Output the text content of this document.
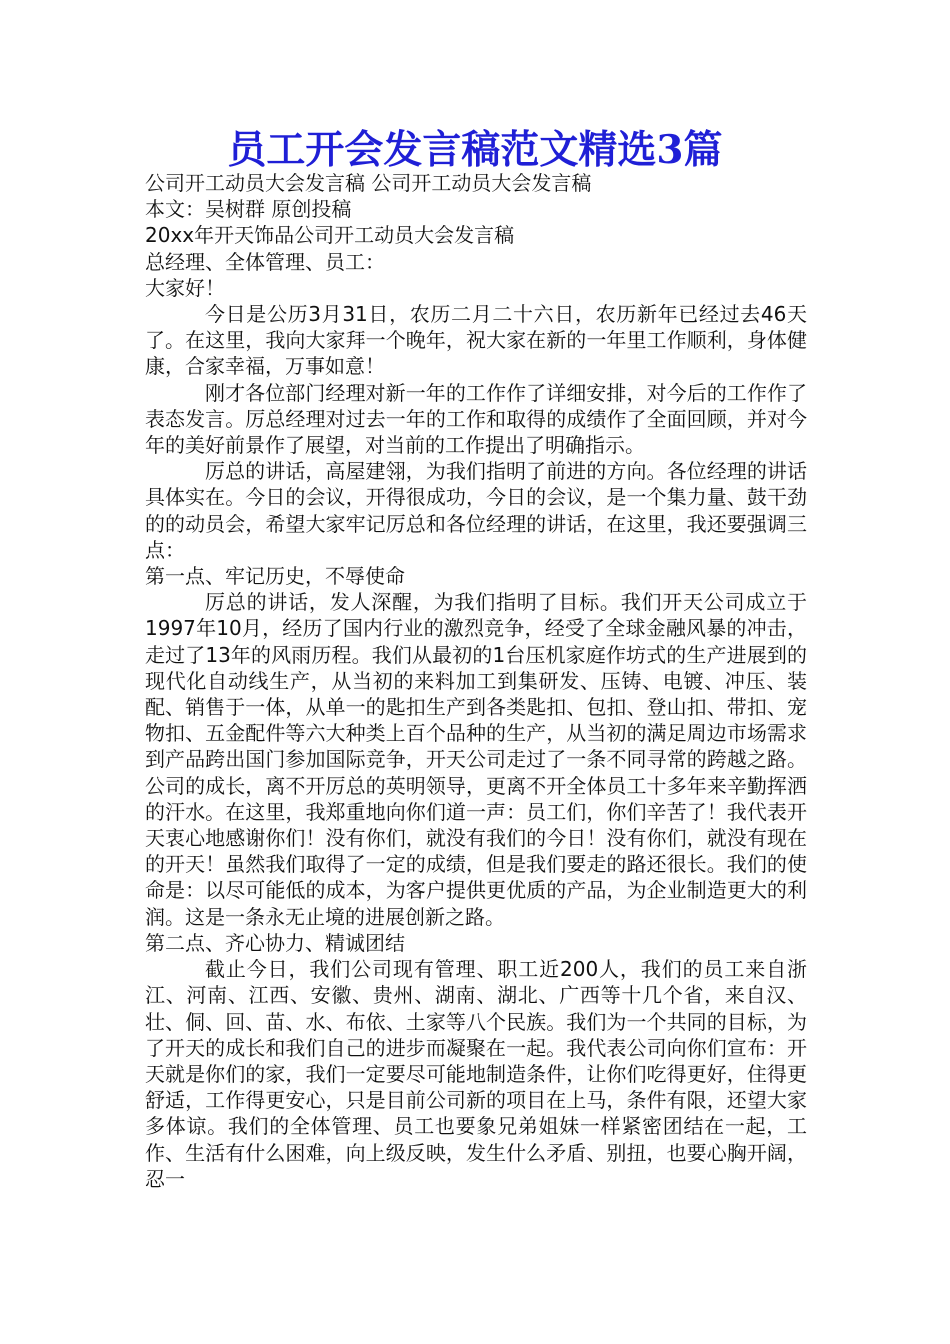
员工开会发言稿范文精选3篇

公司开工动员大会发言稿 公司开工动员大会发言稿

本文：吴树群 原创投稿

20xx年开天饰品公司开工动员大会发言稿

总经理、全体管理、员工：

大家好！

今日是公历3月31日，农历二月二十六日，农历新年已经过去46天了。在这里，我向大家拜一个晚年，祝大家在新的一年里工作顺利，身体健康，合家幸福，万事如意！

刚才各位部门经理对新一年的工作作了详细安排，对今后的工作作了表态发言。厉总经理对过去一年的工作和取得的成绩作了全面回顾，并对今年的美好前景作了展望，对当前的工作提出了明确指示。

厉总的讲话，高屋建翎，为我们指明了前进的方向。各位经理的讲话具体实在。今日的会议，开得很成功，今日的会议，是一个集力量、鼓干劲的的动员会，希望大家牢记厉总和各位经理的讲话，在这里，我还要强调三点：

第一点、牢记历史，不辱使命

厉总的讲话，发人深醒，为我们指明了目标。我们开天公司成立于1997年10月，经历了国内行业的激烈竞争，经受了全球金融风暴的冲击，走过了13年的风雨历程。我们从最初的1台压机家庭作坊式的生产进展到的现代化自动线生产，从当初的来料加工到集研发、压铸、电镀、冲压、装配、销售于一体，从单一的匙扣生产到各类匙扣、包扣、登山扣、带扣、宠物扣、五金配件等六大种类上百个品种的生产，从当初的满足周边市场需求到产品跨出国门参加国际竞争，开天公司走过了一条不同寻常的跨越之路。公司的成长，离不开厉总的英明领导，更离不开全体员工十多年来辛勤挥洒的汗水。在这里，我郑重地向你们道一声：员工们，你们辛苦了！我代表开天衷心地感谢你们！没有你们，就没有我们的今日！没有你们，就没有现在的开天！虽然我们取得了一定的成绩，但是我们要走的路还很长。我们的使命是：以尽可能低的成本，为客户提供更优质的产品，为企业制造更大的利润。这是一条永无止境的进展创新之路。

第二点、齐心协力、精诚团结

截止今日，我们公司现有管理、职工近200人，我们的员工来自浙江、河南、江西、安徽、贵州、湖南、湖北、广西等十几个省，来自汉、壮、侗、回、苗、水、布依、土家等八个民族。我们为一个共同的目标，为了开天的成长和我们自己的进步而凝聚在一起。我代表公司向你们宣布：开天就是你们的家，我们一定要尽可能地制造条件，让你们吃得更好，住得更舒适，工作得更安心，只是目前公司新的项目在上马，条件有限，还望大家多体谅。我们的全体管理、员工也要象兄弟姐妹一样紧密团结在一起，工作、生活有什么困难，向上级反映，发生什么矛盾、别扭，也要心胸开阔，忍一
